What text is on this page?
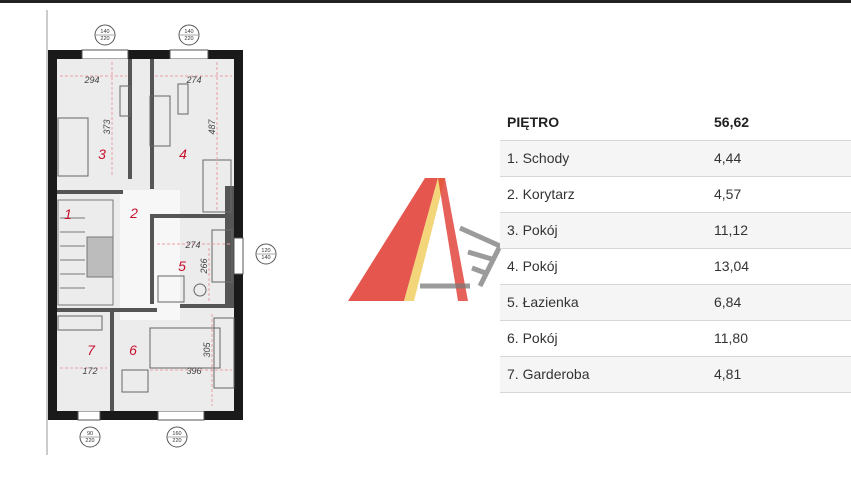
140
220
140
220
120
140
90
220
160
220
294	274
373	487
274
266
305
172	396
1	2
3	4
5
6
7
PIĘTRO	56,62
1. Schody	4,44
2. Korytarz	4,57
3. Pokój	11,12
4. Pokój	13,04
5. Łazienka	6,84
6. Pokój	11,80
7. Garderoba	4,81
